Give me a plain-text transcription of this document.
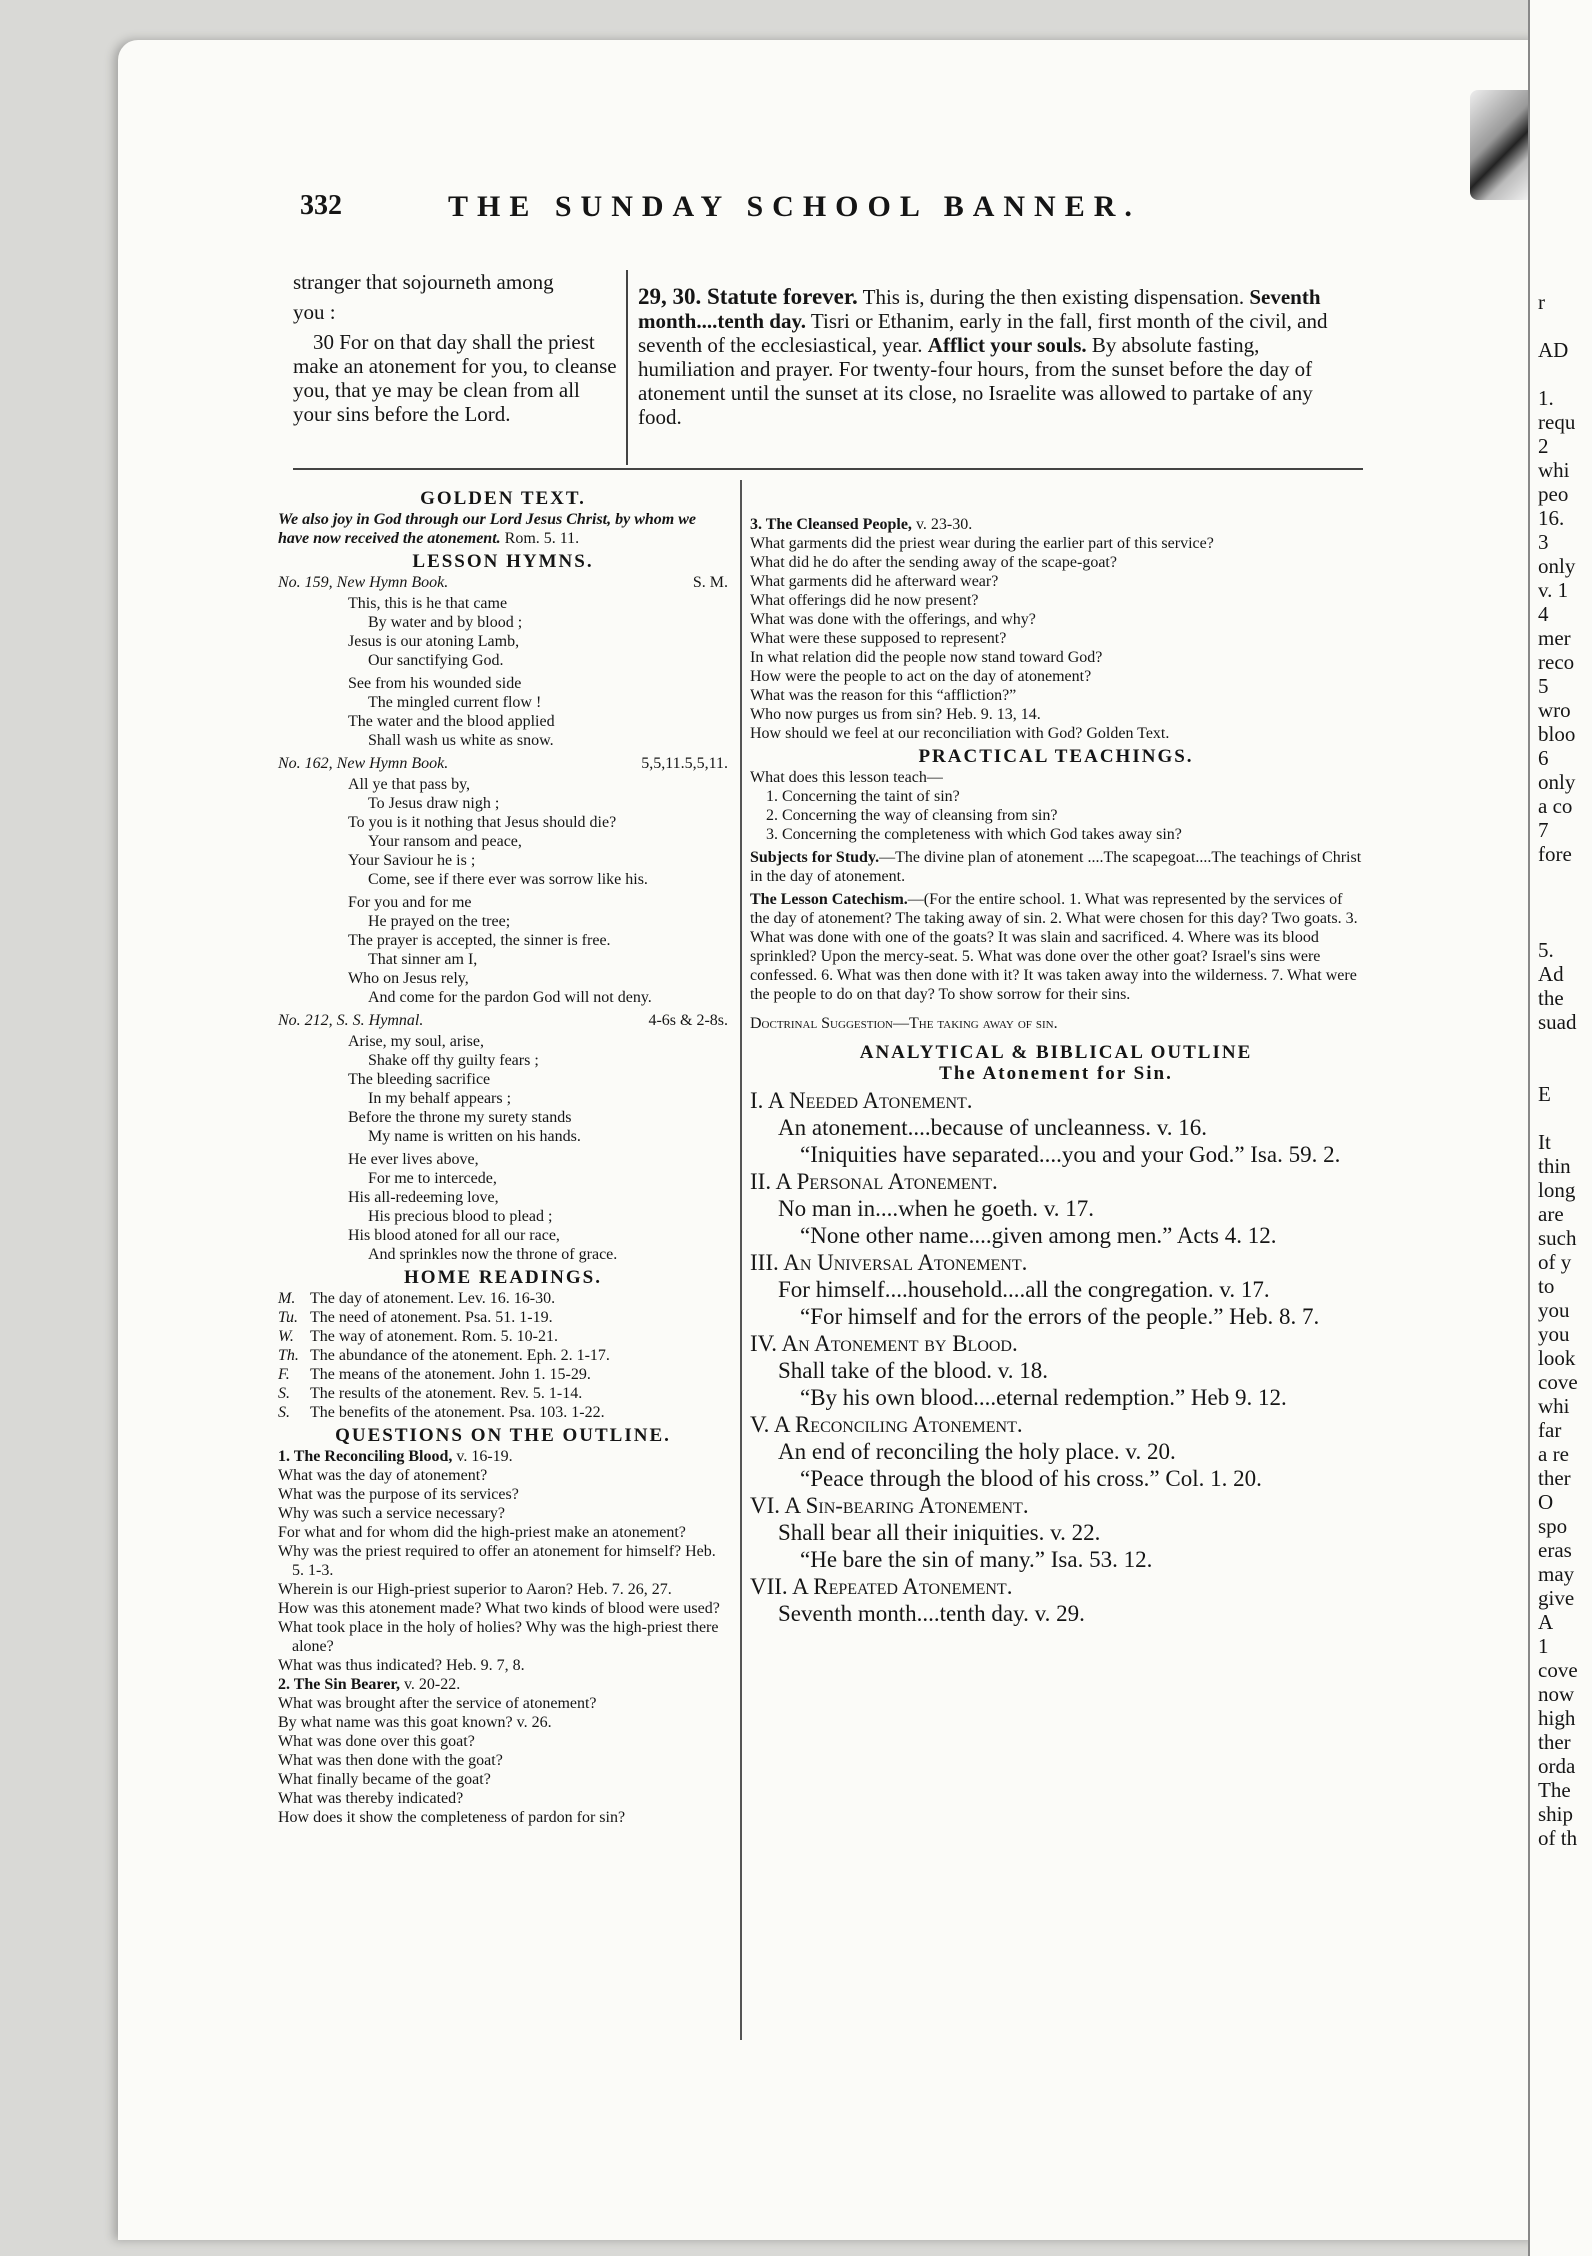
332	THE SUNDAY SCHOOL BANNER.

stranger that sojourneth among

you :

30 For on that day shall the priest make an atonement for you, to cleanse you, that ye may be clean from all your sins before the Lord.

29, 30. Statute forever. This is, during the then existing dispensation. Seventh month....tenth day. Tisri or Ethanim, early in the fall, first month of the civil, and seventh of the ecclesiastical, year. Afflict your souls. By absolute fasting, humiliation and prayer. For twenty-four hours, from the sunset before the day of atonement until the sunset at its close, no Israelite was allowed to partake of any food.
GOLDEN TEXT.
We also joy in God through our Lord Jesus Christ, by whom we have now received the atonement. Rom. 5. 11.
LESSON HYMNS.
No. 159, New Hymn Book.	S. M.
This, this is he that came
By water and by blood ;
Jesus is our atoning Lamb,
Our sanctifying God.
See from his wounded side
The mingled current flow !
The water and the blood applied
Shall wash us white as snow.
No. 162, New Hymn Book.	5,5,11.5,5,11.
All ye that pass by,
To Jesus draw nigh ;
To you is it nothing that Jesus should die?
Your ransom and peace,
Your Saviour he is ;
Come, see if there ever was sorrow like his.
For you and for me
He prayed on the tree;
The prayer is accepted, the sinner is free.
That sinner am I,
Who on Jesus rely,
And come for the pardon God will not deny.
No. 212, S. S. Hymnal.	4-6s & 2-8s.
Arise, my soul, arise,
Shake off thy guilty fears ;
The bleeding sacrifice
In my behalf appears ;
Before the throne my surety stands
My name is written on his hands.
He ever lives above,
For me to intercede,
His all-redeeming love,
His precious blood to plead ;
His blood atoned for all our race,
And sprinkles now the throne of grace.
HOME READINGS.
M. The day of atonement. Lev. 16. 16-30.
Tu. The need of atonement. Psa. 51. 1-19.
W.	The way of atonement. Rom. 5. 10-21.
Th. The abundance of the atonement. Eph. 2. 1-17.
F.	The means of the atonement. John 1. 15-29.
S.	The results of the atonement. Rev. 5. 1-14.
S.	The benefits of the atonement. Psa. 103. 1-22.
QUESTIONS ON THE OUTLINE.
1. The Reconciling Blood, v. 16-19.
What was the day of atonement?
What was the purpose of its services?
Why was such a service necessary?
For what and for whom did the high-priest make an atonement?
Why was the priest required to offer an atonement for himself? Heb. 5. 1-3.
Wherein is our High-priest superior to Aaron? Heb. 7. 26, 27.
How was this atonement made? What two kinds of blood were used?
What took place in the holy of holies? Why was the high-priest there alone?
What was thus indicated? Heb. 9. 7, 8.
2. The Sin Bearer, v. 20-22.
What was brought after the service of atonement?
By what name was this goat known? v. 26.
What was done over this goat?
What was then done with the goat?
What finally became of the goat?
What was thereby indicated?
How does it show the completeness of pardon for sin?
3. The Cleansed People, v. 23-30.
What garments did the priest wear during the earlier part of this service?
What did he do after the sending away of the scape-goat?
What garments did he afterward wear?
What offerings did he now present?
What was done with the offerings, and why?
What were these supposed to represent?
In what relation did the people now stand toward God?
How were the people to act on the day of atonement?
What was the reason for this “affliction?”
Who now purges us from sin? Heb. 9. 13, 14.
How should we feel at our reconciliation with God? Golden Text.
PRACTICAL TEACHINGS.
What does this lesson teach—
1. Concerning the taint of sin?
2. Concerning the way of cleansing from sin?
3. Concerning the completeness with which God takes away sin?
Subjects for Study.—The divine plan of atonement ....The scapegoat....The teachings of Christ in the day of atonement.
The Lesson Catechism.—(For the entire school. 1. What was represented by the services of the day of atonement? The taking away of sin. 2. What were chosen for this day? Two goats. 3. What was done with one of the goats? It was slain and sacrificed. 4. Where was its blood sprinkled? Upon the mercy-seat. 5. What was done over the other goat? Israel's sins were confessed. 6. What was then done with it? It was taken away into the wilderness. 7. What were the people to do on that day? To show sorrow for their sins.
Doctrinal Suggestion—The taking away of sin.
ANALYTICAL & BIBLICAL OUTLINE
The Atonement for Sin.
I. A Needed Atonement.
An atonement....because of uncleanness. v. 16.
“Iniquities have separated....you and your God.” Isa. 59. 2.
II. A Personal Atonement.
No man in....when he goeth. v. 17.
“None other name....given among men.” Acts 4. 12.
III. An Universal Atonement.
For himself....household....all the congregation. v. 17.
“For himself and for the errors of the people.” Heb. 8. 7.
IV. An Atonement by Blood.
Shall take of the blood. v. 18.
“By his own blood....eternal redemption.” Heb 9. 12.
V. A Reconciling Atonement.
An end of reconciling the holy place. v. 20.
“Peace through the blood of his cross.” Col. 1. 20.
VI. A Sin-bearing Atonement.
Shall bear all their iniquities. v. 22.
“He bare the sin of many.” Isa. 53. 12.
VII. A Repeated Atonement.
Seventh month....tenth day. v. 29.
r

AD

1.
requ
2
whi
peo
16.
3
only
v. 1
4
mer
reco
5
wro
bloo
6
only
a co
7
fore

5.
Ad
the
suad

E

It
thin
long
are
such
of y
to
you
you
look
cove
whi
far
a re
ther
O
spo
eras
may
give
A
1
cove
now
high
ther
orda
The
ship
of th
